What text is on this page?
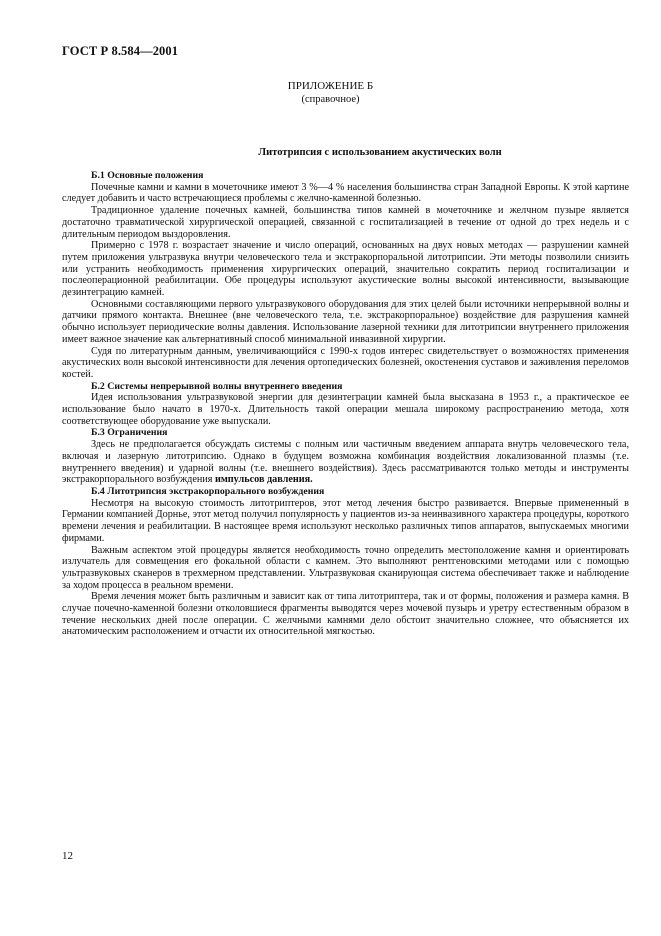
ГОСТ Р 8.584—2001
ПРИЛОЖЕНИЕ Б
(справочное)
Литотрипсия с использованием акустических волн

Б.1 Основные положения

Почечные камни и камни в мочеточнике имеют 3 %—4 % населения большинства стран Западной Европы. К этой картине следует добавить и часто встречающиеся проблемы с желчно-каменной болезнью.

Традиционное удаление почечных камней, большинства типов камней в мочеточнике и желчном пузыре является достаточно травматической хирургической операцией, связанной с госпитализацией в течение от одной до трех недель и с длительным периодом выздоровления.

Примерно с 1978 г. возрастает значение и число операций, основанных на двух новых методах — разрушении камней путем приложения ультразвука внутри человеческого тела и экстракорпоральной литотрипсии. Эти методы позволили снизить или устранить необходимость применения хирургических операций, значительно сократить период госпитализации и послеоперационной реабилитации. Обе процедуры используют акустические волны высокой интенсивности, вызывающие дезинтеграцию камней.

Основными составляющими первого ультразвукового оборудования для этих целей были источники непрерывной волны и датчики прямого контакта. Внешнее (вне человеческого тела, т.е. экстракорпоральное) воздействие для разрушения камней обычно использует периодические волны давления. Использование лазерной техники для литотрипсии внутреннего приложения имеет важное значение как альтернативный способ минимальной инвазивной хирургии.

Судя по литературным данным, увеличивающийся с 1990-х годов интерес свидетельствует о возможностях применения акустических волн высокой интенсивности для лечения ортопедических болезней, окостенения суставов и заживления переломов костей.

Б.2 Системы непрерывной волны внутреннего введения

Идея использования ультразвуковой энергии для дезинтеграции камней была высказана в 1953 г., а практическое ее использование было начато в 1970-х. Длительность такой операции мешала широкому распространению метода, хотя соответствующее оборудование уже выпускали.

Б.3 Ограничения

Здесь не предполагается обсуждать системы с полным или частичным введением аппарата внутрь человеческого тела, включая и лазерную литотрипсию. Однако в будущем возможна комбинация воздействия локализованной плазмы (т.е. внутреннего введения) и ударной волны (т.е. внешнего воздействия). Здесь рассматриваются только методы и инструменты экстракорпорального возбуждения импульсов давления.

Б.4 Литотрипсия экстракорпорального возбуждения

Несмотря на высокую стоимость литотриптеров, этот метод лечения быстро развивается. Впервые примененный в Германии компанией Дорнье, этот метод получил популярность у пациентов из-за неинвазивного характера процедуры, короткого времени лечения и реабилитации. В настоящее время используют несколько различных типов аппаратов, выпускаемых многими фирмами.

Важным аспектом этой процедуры является необходимость точно определить местоположение камня и ориентировать излучатель для совмещения его фокальной области с камнем. Это выполняют рентгеновскими методами или с помощью ультразвуковых сканеров в трехмерном представлении. Ультразвуковая сканирующая система обеспечивает также и наблюдение за ходом процесса в реальном времени.

Время лечения может быть различным и зависит как от типа литотриптера, так и от формы, положения и размера камня. В случае почечно-каменной болезни отколовшиеся фрагменты выводятся через мочевой пузырь и уретру естественным образом в течение нескольких дней после операции. С желчными камнями дело обстоит значительно сложнее, что объясняется их анатомическим расположением и отчасти их относительной мягкостью.

12
